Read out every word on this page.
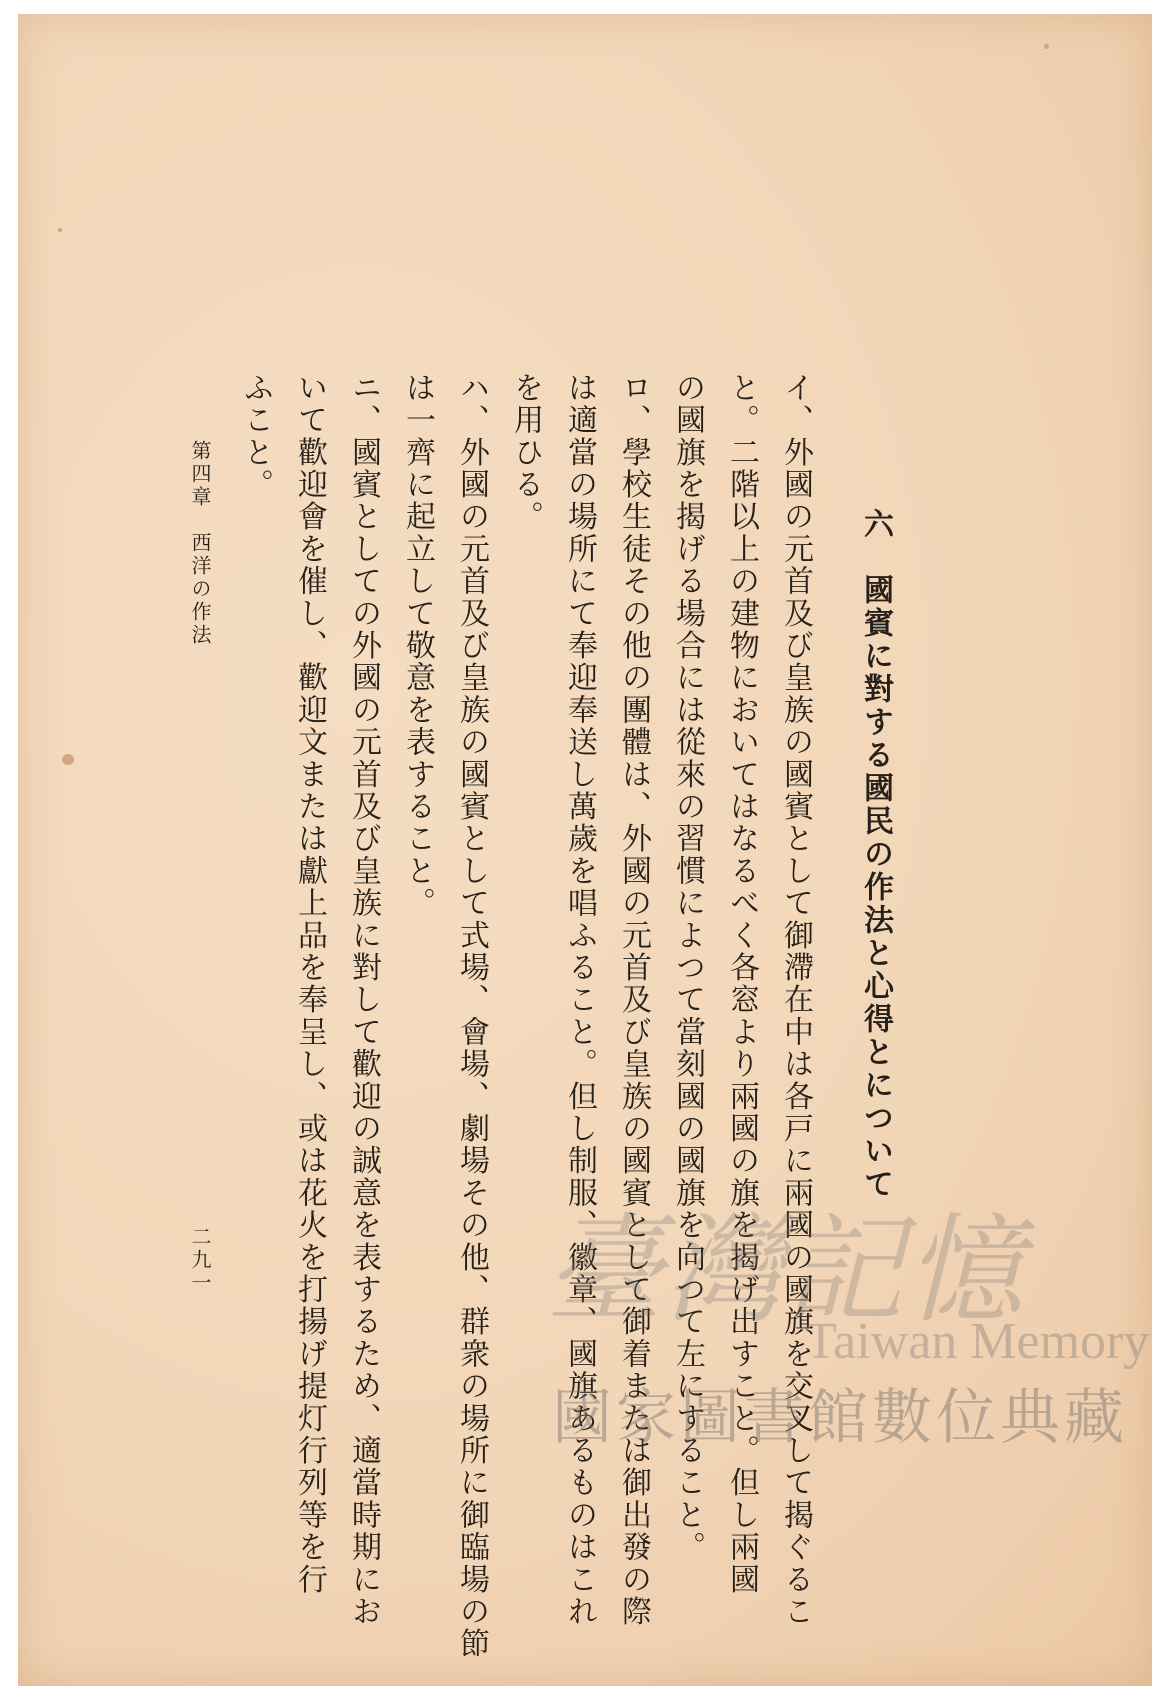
六　國賓に對する國民の作法と心得とについて
イ、外國の元首及び皇族の國賓として御滯在中は各戸に兩國の國旗を交叉して揭ぐるこ
と。二階以上の建物においてはなるべく各窓より兩國の旗を揭げ出すこと。但し兩國
の國旗を揭げる場合には從來の習慣によつて當刻國の國旗を向つて左にすること。
ロ、學校生徒その他の團體は、外國の元首及び皇族の國賓として御着または御出發の際
は適當の場所にて奉迎奉送し萬歲を唱ふること。但し制服、徽章、國旗あるものはこれ
を用ひる。
ハ、外國の元首及び皇族の國賓として式場、會場、劇場その他、群衆の場所に御臨場の節
は一齊に起立して敬意を表すること。
ニ、國賓としての外國の元首及び皇族に對して歡迎の誠意を表するため、適當時期にお
いて歡迎會を催し、歡迎文または獻上品を奉呈し、或は花火を打揚げ提灯行列等を行
ふこと。
第四章　西洋の作法
二九一	臺灣記憶
Taiwan Memory
國家圖書館數位典藏
